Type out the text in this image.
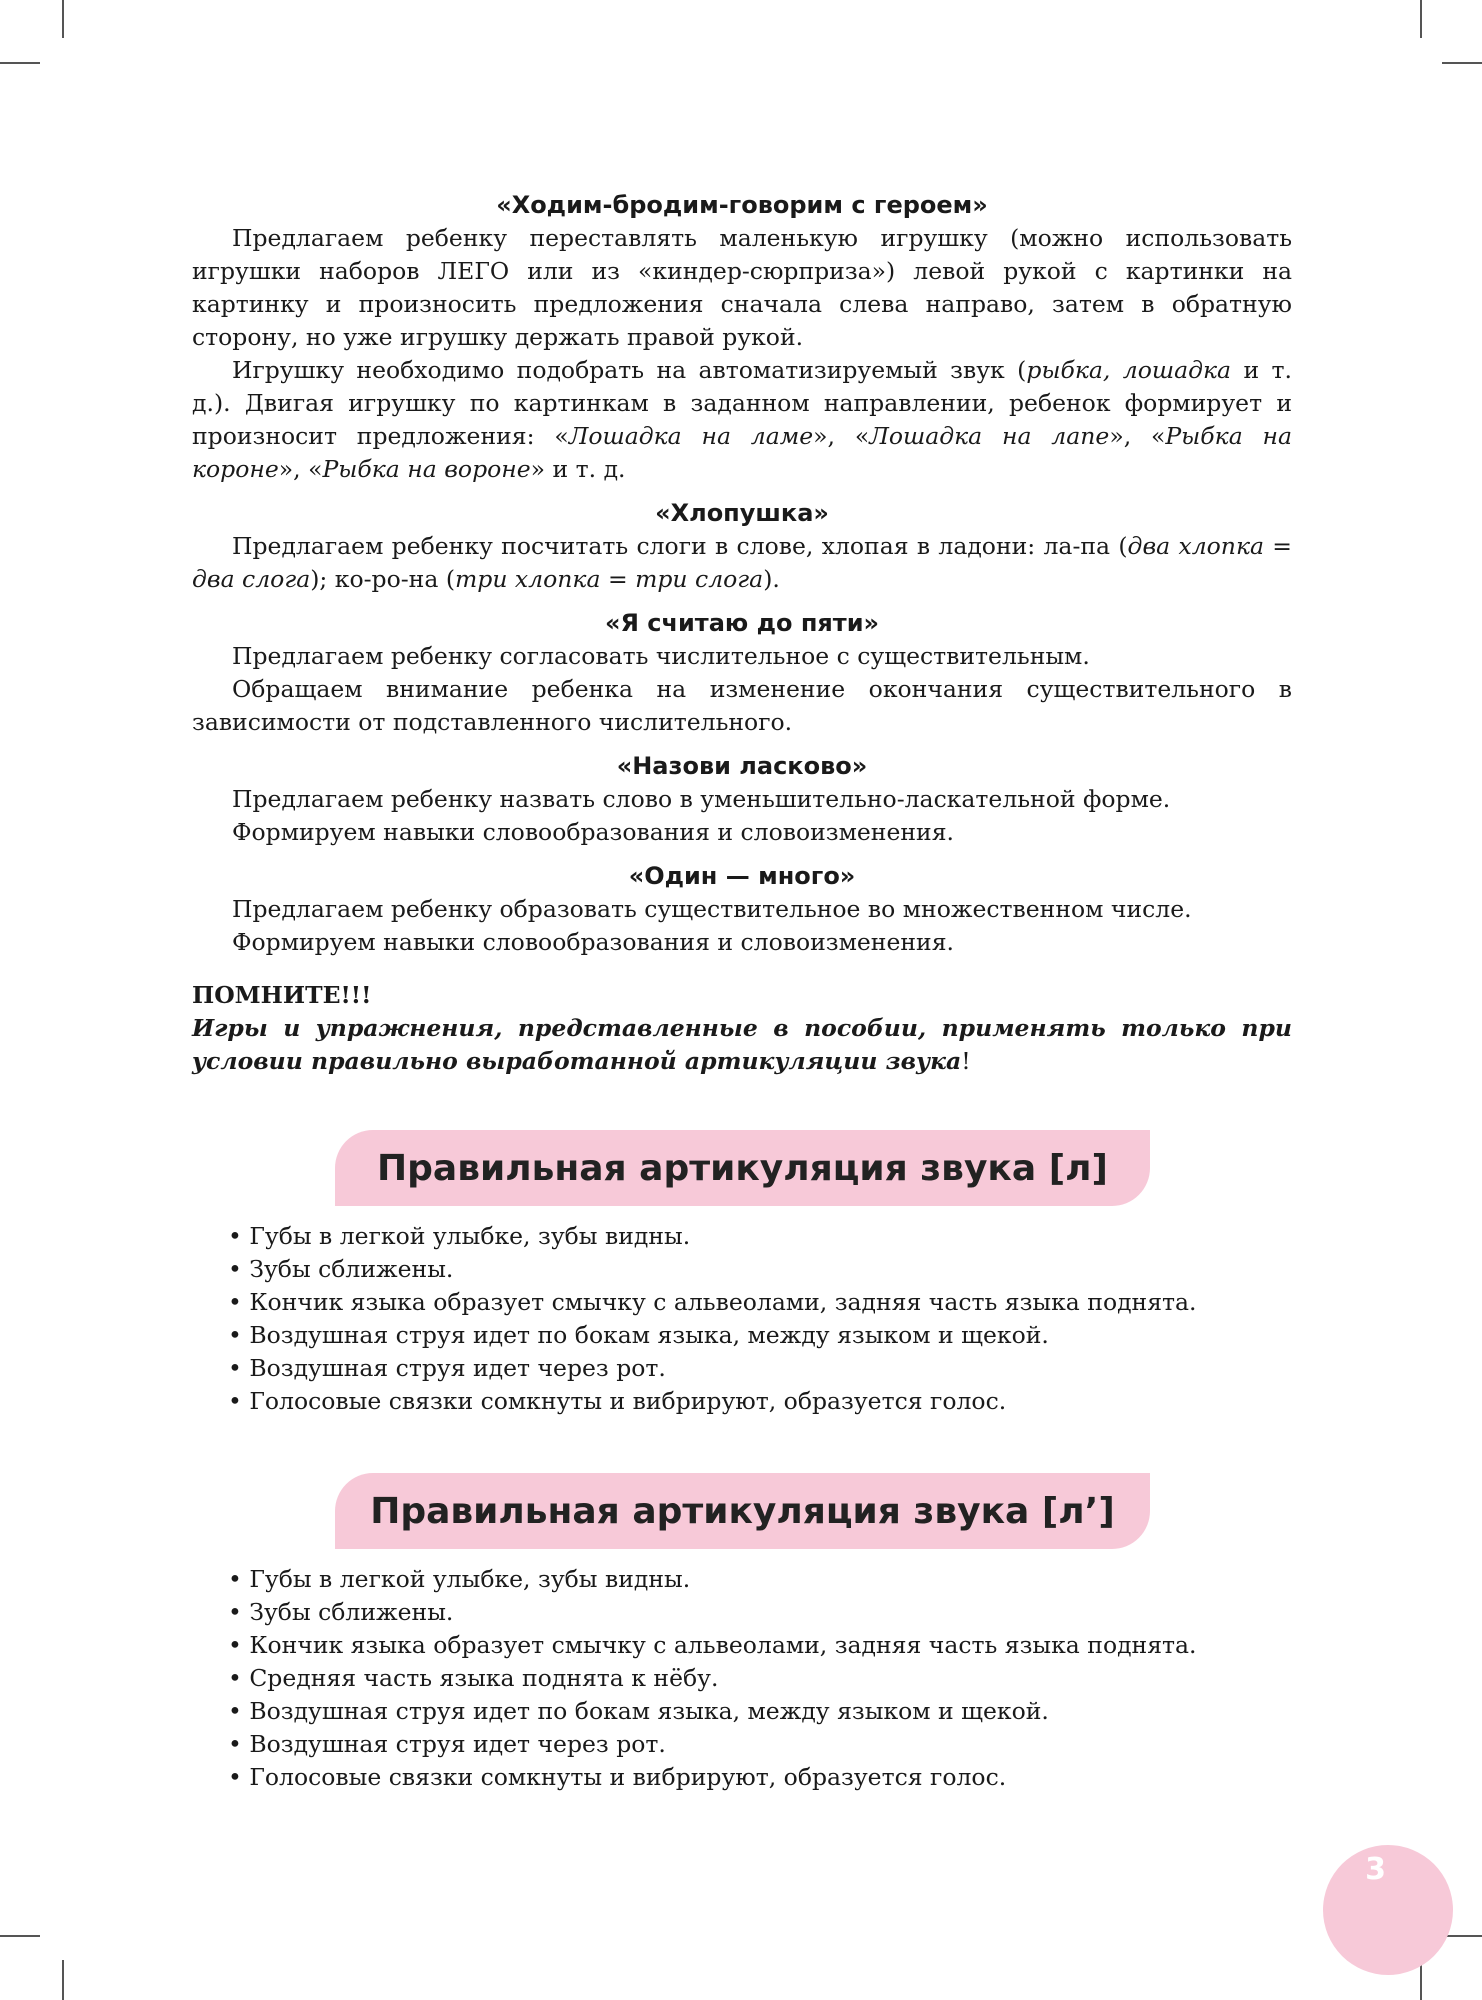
«Ходим-бродим-говорим с героем»

Предлагаем ребенку переставлять маленькую игрушку (можно использовать игрушки наборов ЛЕГО или из «киндер-сюрприза») левой рукой с картинки на картинку и произносить предложения сначала слева направо, затем в обратную сторону, но уже игрушку держать правой рукой.

Игрушку необходимо подобрать на автоматизируемый звук (рыбка, лошадка и т. д.). Двигая игрушку по картинкам в заданном направлении, ребенок формирует и произносит предложения: «Лошадка на ламе», «Лошадка на лапе», «Рыбка на короне», «Рыбка на вороне» и т. д.

«Хлопушка»

Предлагаем ребенку посчитать слоги в слове, хлопая в ладони: ла-па (два хлопка = два слога); ко-ро-на (три хлопка = три слога).

«Я считаю до пяти»

Предлагаем ребенку согласовать числительное с существительным.

Обращаем внимание ребенка на изменение окончания существительного в зависимости от подставленного числительного.

«Назови ласково»

Предлагаем ребенку назвать слово в уменьшительно-ласкательной форме.

Формируем навыки словообразования и словоизменения.

«Один — много»

Предлагаем ребенку образовать существительное во множественном числе.

Формируем навыки словообразования и словоизменения.

ПОМНИТЕ!!!

Игры и упражнения, представленные в пособии, применять только при условии правильно выработанной артикуляции звука!

Правильная артикуляция звука [л]
• Губы в легкой улыбке, зубы видны.
• Зубы сближены.
• Кончик языка образует смычку с альвеолами, задняя часть языка поднята.
• Воздушная струя идет по бокам языка, между языком и щекой.
• Воздушная струя идет через рот.
• Голосовые связки сомкнуты и вибрируют, образуется голос.
Правильная артикуляция звука [л’]
• Губы в легкой улыбке, зубы видны.
• Зубы сближены.
• Кончик языка образует смычку с альвеолами, задняя часть языка поднята.
• Средняя часть языка поднята к нёбу.
• Воздушная струя идет по бокам языка, между языком и щекой.
• Воздушная струя идет через рот.
• Голосовые связки сомкнуты и вибрируют, образуется голос.
3
